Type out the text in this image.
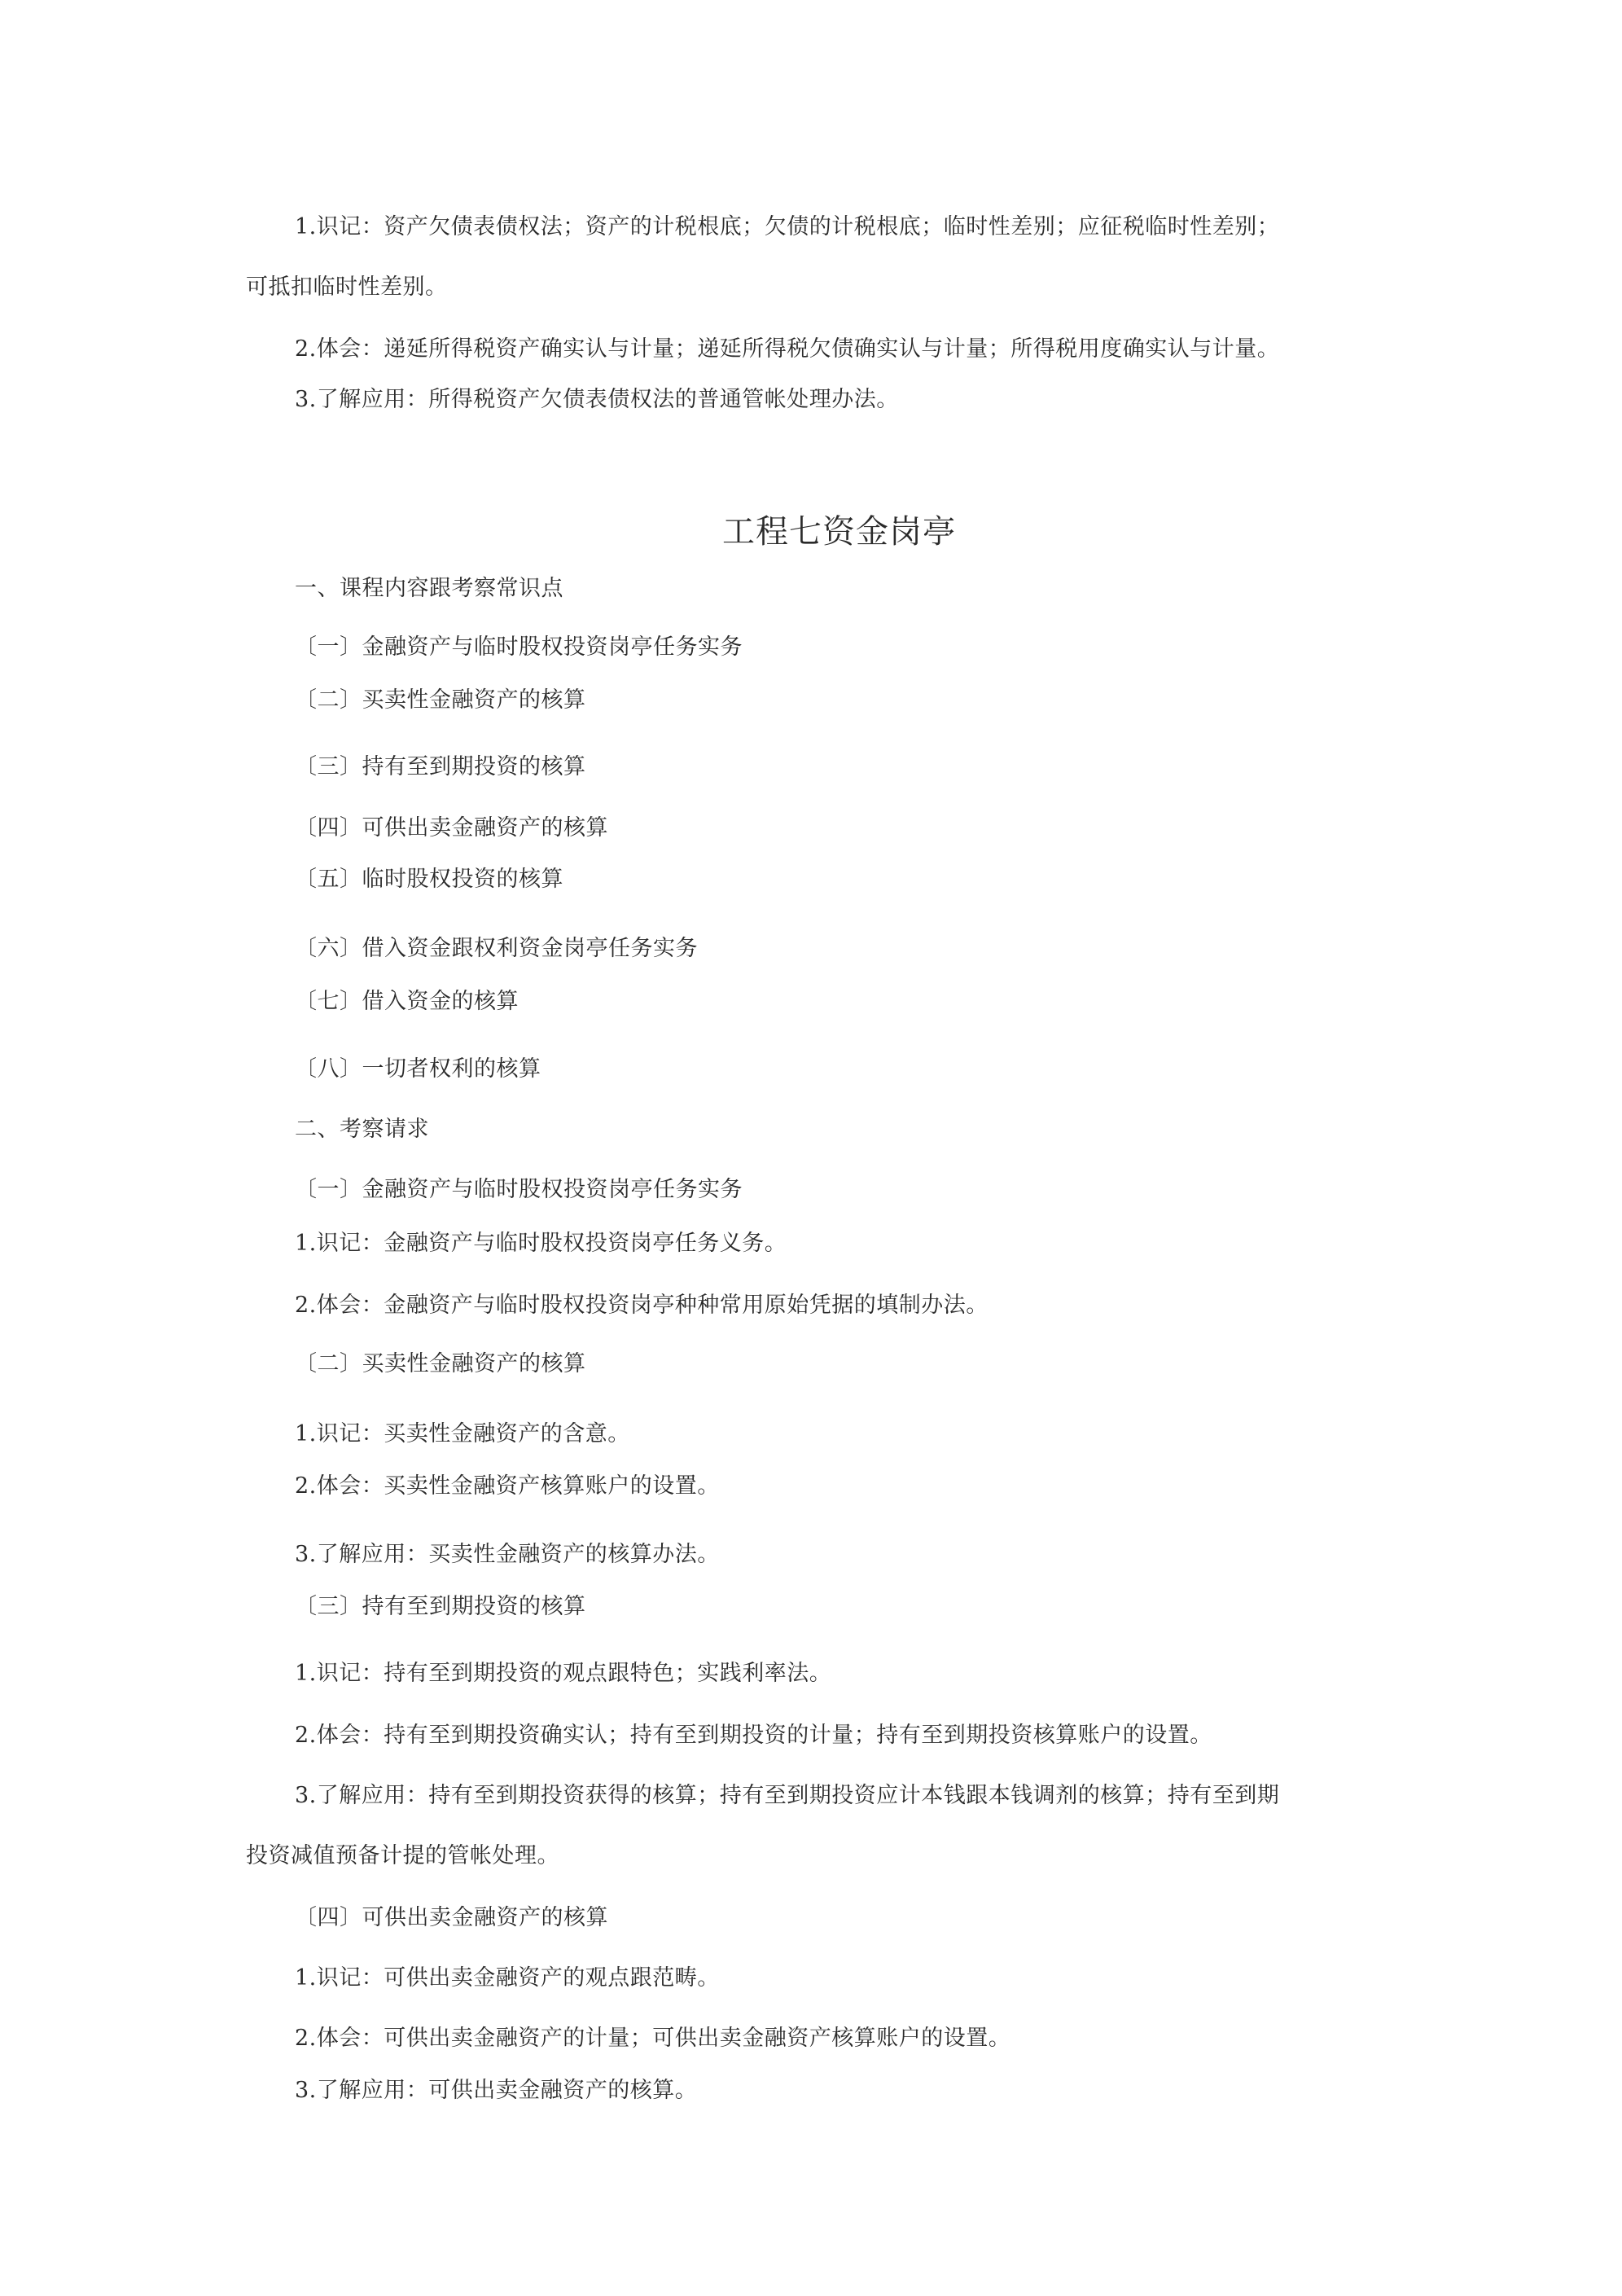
1.识记：资产欠债表债权法；资产的计税根底；欠债的计税根底；临时性差别；应征税临时性差别；
可抵扣临时性差别。
2.体会：递延所得税资产确实认与计量；递延所得税欠债确实认与计量；所得税用度确实认与计量。
3.了解应用：所得税资产欠债表债权法的普通管帐处理办法。
工程七资金岗亭
一、课程内容跟考察常识点
〔一〕金融资产与临时股权投资岗亭任务实务
〔二〕买卖性金融资产的核算
〔三〕持有至到期投资的核算
〔四〕可供出卖金融资产的核算
〔五〕临时股权投资的核算
〔六〕借入资金跟权利资金岗亭任务实务
〔七〕借入资金的核算
〔八〕一切者权利的核算
二、考察请求
〔一〕金融资产与临时股权投资岗亭任务实务
1.识记：金融资产与临时股权投资岗亭任务义务。
2.体会：金融资产与临时股权投资岗亭种种常用原始凭据的填制办法。
〔二〕买卖性金融资产的核算
1.识记：买卖性金融资产的含意。
2.体会：买卖性金融资产核算账户的设置。
3.了解应用：买卖性金融资产的核算办法。
〔三〕持有至到期投资的核算
1.识记：持有至到期投资的观点跟特色；实践利率法。
2.体会：持有至到期投资确实认；持有至到期投资的计量；持有至到期投资核算账户的设置。
3.了解应用：持有至到期投资获得的核算；持有至到期投资应计本钱跟本钱调剂的核算；持有至到期
投资减值预备计提的管帐处理。
〔四〕可供出卖金融资产的核算
1.识记：可供出卖金融资产的观点跟范畴。
2.体会：可供出卖金融资产的计量；可供出卖金融资产核算账户的设置。
3.了解应用：可供出卖金融资产的核算。
